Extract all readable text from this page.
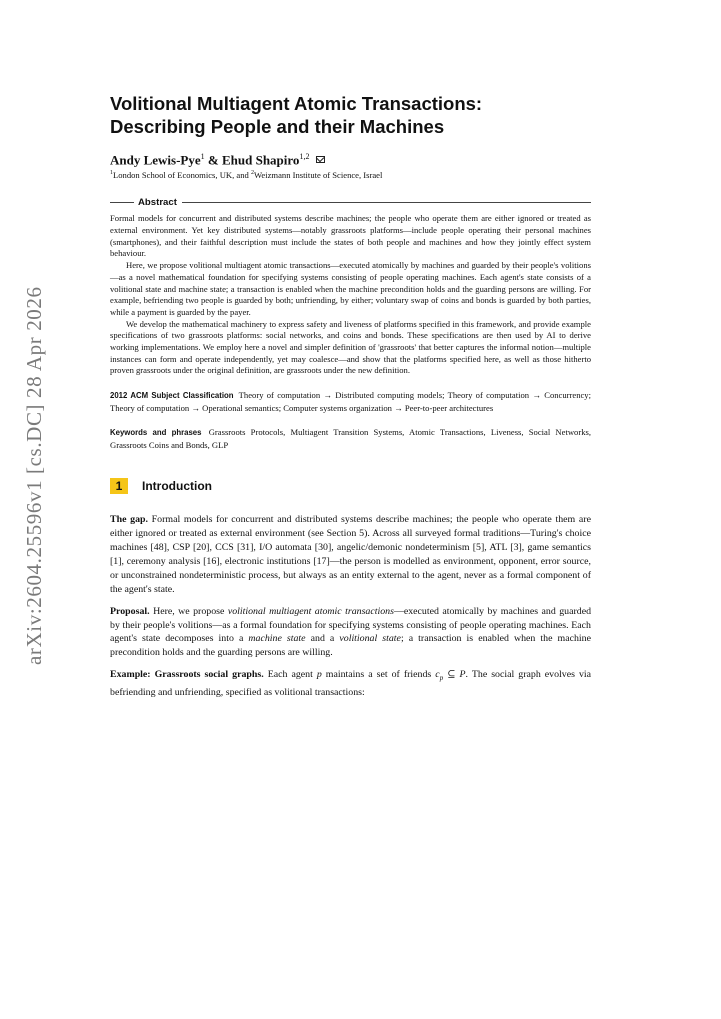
arXiv:2604.25596v1 [cs.DC] 28 Apr 2026
Volitional Multiagent Atomic Transactions:
Describing People and their Machines

Andy Lewis-Pye$^1$ & Ehud Shapiro$^{1,2}$

$^1$London School of Economics, UK, and $^2$Weizmann Institute of Science, Israel

Abstract

Formal models for concurrent and distributed systems describe machines; the people who operate them are either ignored or treated as external environment. Yet key distributed systems—notably grassroots platforms—include people operating their personal machines (smartphones), and their faithful description must include the states of both people and machines and how they jointly effect system behaviour.

Here, we propose volitional multiagent atomic transactions—executed atomically by machines and guarded by their people's volitions—as a novel mathematical foundation for specifying systems consisting of people operating machines. Each agent's state consists of a volitional state and machine state; a transaction is enabled when the machine precondition holds and the guarding persons are willing. For example, befriending two people is guarded by both; unfriending, by either; voluntary swap of coins and bonds is guarded by both parties, while a payment is guarded by the payer.

We develop the mathematical machinery to express safety and liveness of platforms specified in this framework, and provide example specifications of two grassroots platforms: social networks, and coins and bonds. These specifications are then used by AI to derive working implementations. We employ here a novel and simpler definition of 'grassroots' that better captures the informal notion—multiple instances can form and operate independently, yet may coalesce—and show that the platforms specified here, as well as those hitherto proven grassroots under the original definition, are grassroots under the new definition.

2012 ACM Subject Classification Theory of computation → Distributed computing models; Theory of computation → Concurrency; Theory of computation → Operational semantics; Computer systems organization → Peer-to-peer architectures

Keywords and phrases Grassroots Protocols, Multiagent Transition Systems, Atomic Transactions, Liveness, Social Networks, Grassroots Coins and Bonds, GLP

1	Introduction

The gap. Formal models for concurrent and distributed systems describe machines; the people who operate them are either ignored or treated as external environment (see Section 5). Across all surveyed formal traditions—Turing's choice machines [48], CSP [20], CCS [31], I/O automata [30], angelic/demonic nondeterminism [5], ATL [3], game semantics [1], ceremony analysis [16], electronic institutions [17]—the person is modelled as environment, opponent, error source, or unconstrained nondeterministic process, but always as an entity external to the agent, never as a formal component of the agent's state.

Proposal. Here, we propose volitional multiagent atomic transactions—executed atomically by machines and guarded by their people's volitions—as a formal foundation for specifying systems consisting of people operating machines. Each agent's state decomposes into a machine state and a volitional state; a transaction is enabled when the machine precondition holds and the guarding persons are willing.

Example: Grassroots social graphs. Each agent p maintains a set of friends $c_p$ ⊆ P. The social graph evolves via befriending and unfriending, specified as volitional transactions:
